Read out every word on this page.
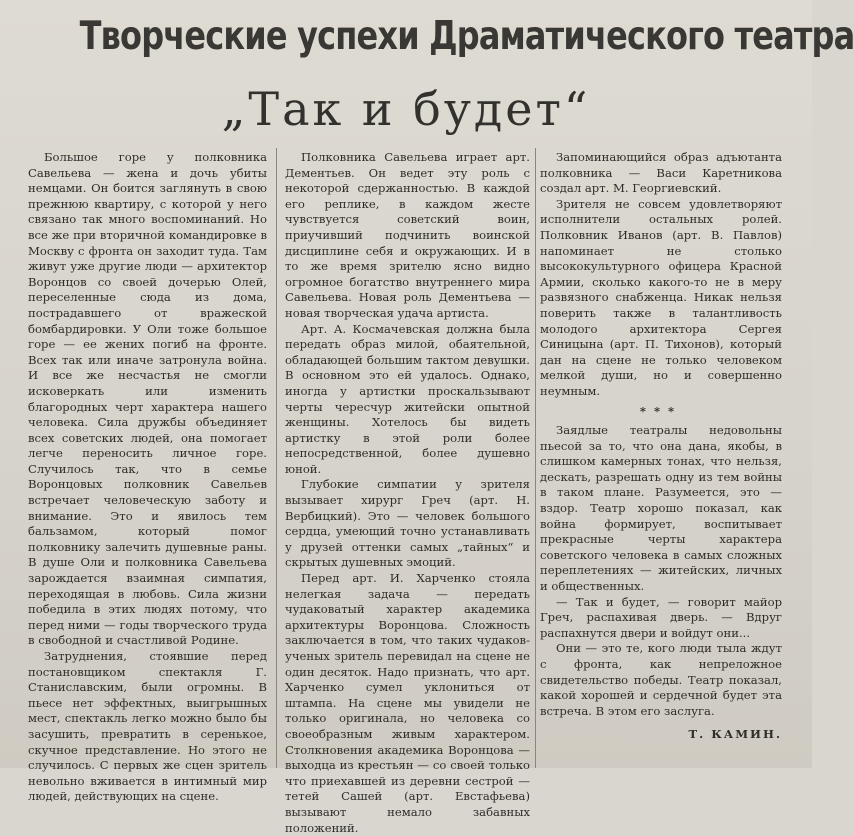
Творческие успехи Драматического театра
„Так и будет“

Большое горе у полковника Савельева — жена и дочь убиты немцами. Он боится заглянуть в свою прежнюю квартиру, с которой у него связано так много воспоминаний. Но все же при вторичной командировке в Москву с фронта он заходит туда. Там живут уже другие люди — архитектор Воронцов со своей дочерью Олей, переселенные сюда из дома, пострадавшего от вражеской бомбардировки. У Оли тоже большое горе — ее жених погиб на фронте. Всех так или иначе затронула война. И все же несчастья не смогли исковеркать или изменить благородных черт характера нашего человека. Сила дружбы объединяет всех советских людей, она помогает легче переносить личное горе. Случилось так, что в семье Воронцовых полковник Савельев встречает человеческую заботу и внимание. Это и явилось тем бальзамом, который помог полковнику залечить душевные раны. В душе Оли и полковника Савельева зарождается взаимная симпатия, переходящая в любовь. Сила жизни победила в этих людях потому, что перед ними — годы творческого труда в свободной и счастливой Родине.

Затруднения, стоявшие перед постановщиком спектакля Г. Станиславским, были огромны. В пьесе нет эффектных, выигрышных мест, спектакль легко можно было бы засушить, превратить в серенькое, скучное представление. Но этого не случилось. С первых же сцен зритель невольно вживается в интимный мир людей, действующих на сцене.

Полковника Савельева играет арт. Дементьев. Он ведет эту роль с некоторой сдержанностью. В каждой его реплике, в каждом жесте чувствуется советский воин, приучивший подчинить воинской дисциплине себя и окружающих. И в то же время зрителю ясно видно огромное богатство внутреннего мира Савельева. Новая роль Дементьева — новая творческая удача артиста.

Арт. А. Космачевская должна была передать образ милой, обаятельной, обладающей большим тактом девушки. В основном это ей удалось. Однако, иногда у артистки проскальзывают черты чересчур житейски опытной женщины. Хотелось бы видеть артистку в этой роли более непосредственной, более душевно юной.

Глубокие симпатии у зрителя вызывает хирург Греч (арт. Н. Вербицкий). Это — человек большого сердца, умеющий точно устанавливать у друзей оттенки самых „тайных“ и скрытых душевных эмоций.

Перед арт. И. Харченко стояла нелегкая задача — передать чудаковатый характер академика архитектуры Воронцова. Сложность заключается в том, что таких чудаков-ученых зритель перевидал на сцене не один десяток. Надо признать, что арт. Харченко сумел уклониться от штампа. На сцене мы увидели не только оригинала, но человека со своеобразным живым характером. Столкновения академика Воронцова — выходца из крестьян — со своей только что приехавшей из деревни сестрой — тетей Сашей (арт. Евстафьева) вызывают немало забавных положений.

Запоминающийся образ адъютанта полковника — Васи Каретникова создал арт. М. Георгиевский.

Зрителя не совсем удовлетворяют исполнители остальных ролей. Полковник Иванов (арт. В. Павлов) напоминает не столько высококультурного офицера Красной Армии, сколько какого-то не в меру развязного снабженца. Никак нельзя поверить также в талантливость молодого архитектора Сергея Синицына (арт. П. Тихонов), который дан на сцене не только человеком мелкой души, но и совершенно неумным.

***

Заядлые театралы недовольны пьесой за то, что она дана, якобы, в слишком камерных тонах, что нельзя, дескать, разрешать одну из тем войны в таком плане. Разумеется, это — вздор. Театр хорошо показал, как война формирует, воспитывает прекрасные черты характера советского человека в самых сложных переплетениях — житейских, личных и общественных.

— Так и будет, — говорит майор Греч, распахивая дверь. — Вдруг распахнутся двери и войдут они...

Они — это те, кого люди тыла ждут с фронта, как непреложное свидетельство победы. Театр показал, какой хорошей и сердечной будет эта встреча. В этом его заслуга.

Т. КАМИН.
